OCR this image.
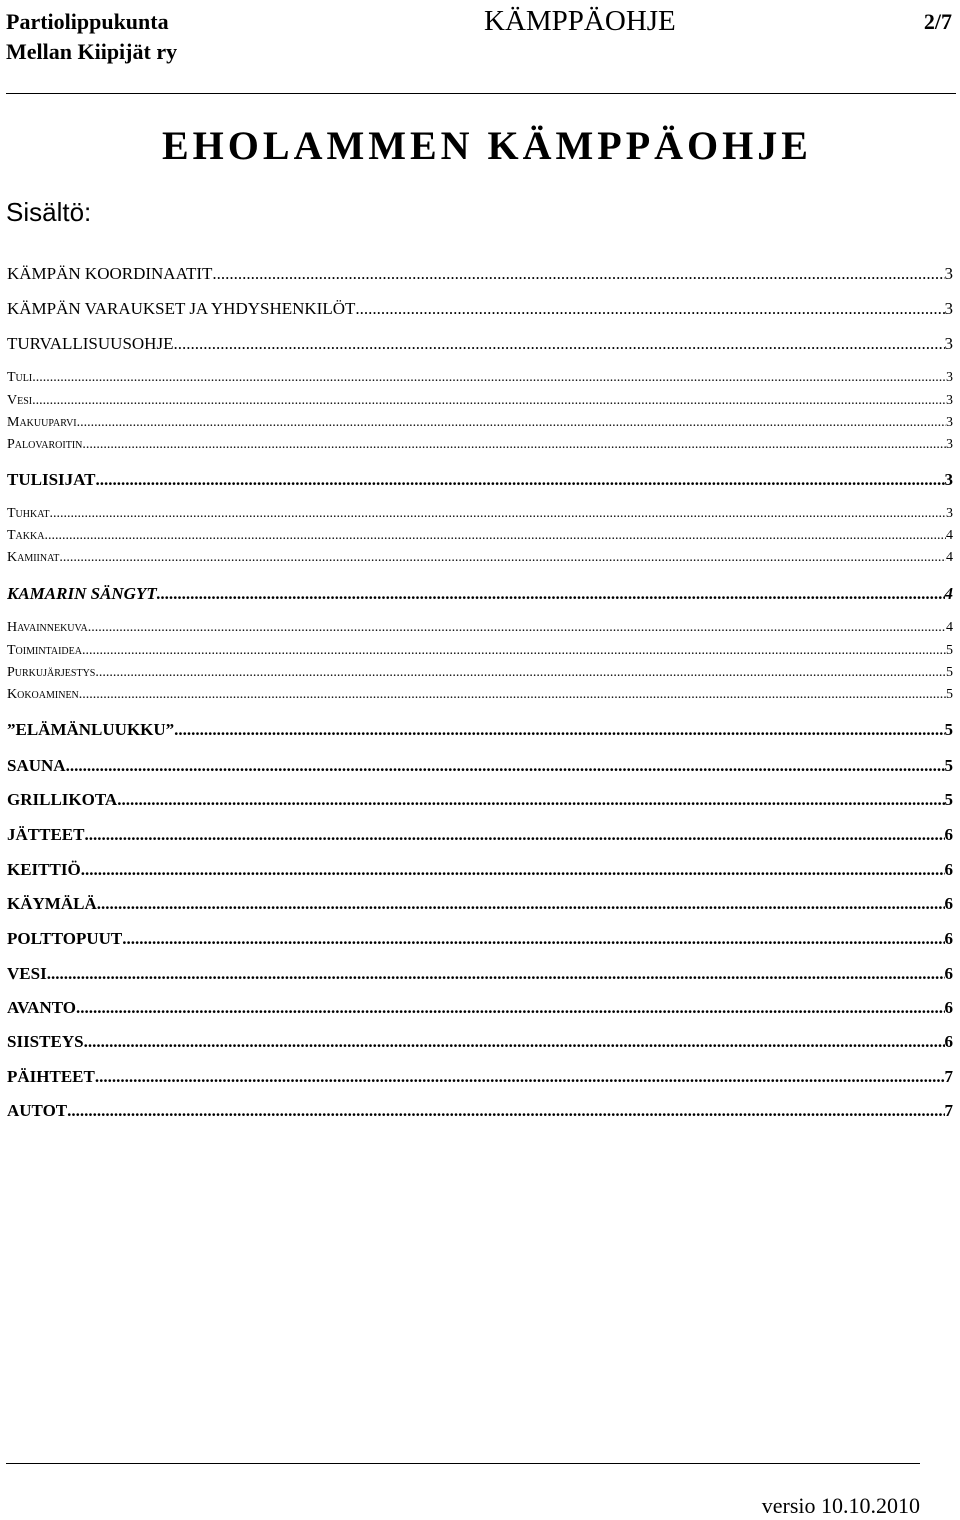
Partiolippukunta
Mellan Kiipijät ry
KÄMPPÄOHJE	2/7
EHOLAMMEN KÄMPPÄOHJE
Sisältö:
KÄMPÄN KOORDINAATIT .....	3
KÄMPÄN VARAUKSET JA YHDYSHENKILÖT .....	3
TURVALLISUUSOHJE .....	3
Tuli .....	3
Vesi .....	3
Makuuparvi .....	3
Palovaroitin .....	3
TULISIJAT .....	3
Tuhkat .....	3
Takka .....	4
Kamiinat .....	4
KAMARIN SÄNGYT .....	4
Havainnekuva .....	4
Toimintaidea .....	5
Purkujärjestys .....	5
Kokoaminen .....	5
”ELÄMÄNLUUKKU” .....	5
SAUNA .....	5
GRILLIKOTA .....	5
JÄTTEET .....	6
KEITTIÖ .....	6
KÄYMÄLÄ .....	6
POLTTOPUUT .....	6
VESI .....	6
AVANTO .....	6
SIISTEYS .....	6
PÄIHTEET .....	7
AUTOT .....	7
versio 10.10.2010
